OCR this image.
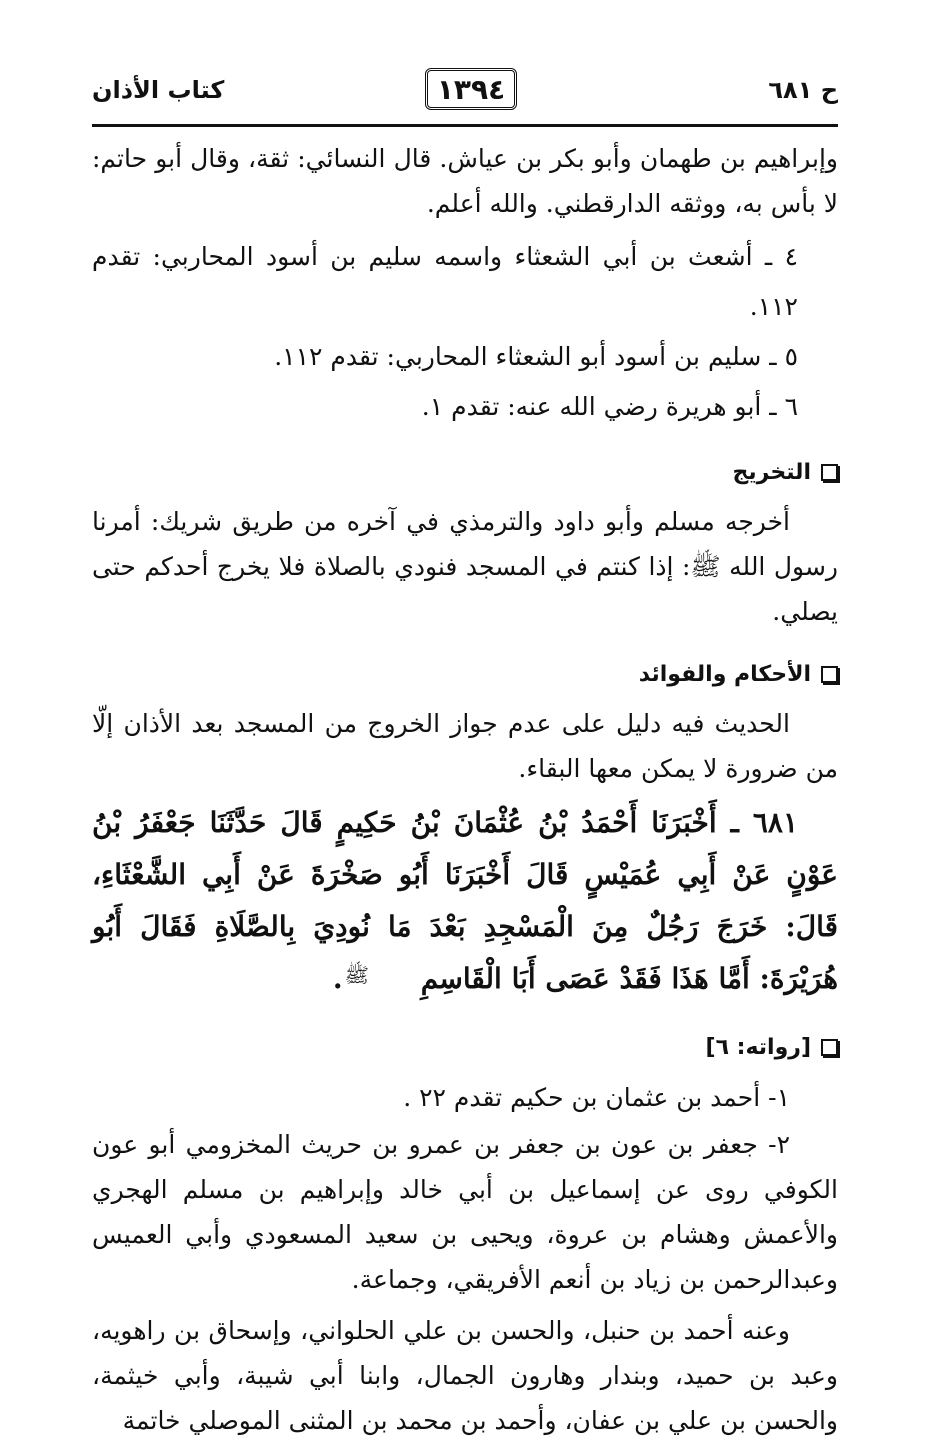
ح ٦٨١
١٣٩٤
كتاب الأذان

وإبراهيم بن طهمان وأبو بكر بن عياش. قال النسائي: ثقة، وقال أبو حاتم: لا بأس به، ووثقه الدارقطني. والله أعلم.

٤ ـ أشعث بن أبي الشعثاء واسمه سليم بن أسود المحاربي: تقدم ١١٢.

٥ ـ سليم بن أسود أبو الشعثاء المحاربي: تقدم ١١٢.

٦ ـ أبو هريرة رضي الله عنه: تقدم ١.

التخريج

أخرجه مسلم وأبو داود والترمذي في آخره من طريق شريك: أمرنا رسول الله ﷺ: إذا كنتم في المسجد فنودي بالصلاة فلا يخرج أحدكم حتى يصلي.

الأحكام والفوائد

الحديث فيه دليل على عدم جواز الخروج من المسجد بعد الأذان إلّا من ضرورة لا يمكن معها البقاء.

٦٨١ ـ أَخْبَرَنَا أَحْمَدُ بْنُ عُثْمَانَ بْنُ حَكِيمٍ قَالَ حَدَّثَنَا جَعْفَرُ بْنُ عَوْنٍ عَنْ أَبِي عُمَيْسٍ قَالَ أَخْبَرَنَا أَبُو صَخْرَةَ عَنْ أَبِي الشَّعْثَاءِ، قَالَ: خَرَجَ رَجُلٌ مِنَ الْمَسْجِدِ بَعْدَ مَا نُودِيَ بِالصَّلَاةِ فَقَالَ أَبُو هُرَيْرَةَ: أَمَّا هَذَا فَقَدْ عَصَى أَبَا الْقَاسِمِ ﷺ.

[رواته: ٦]

١- أحمد بن عثمان بن حكيم تقدم ٢٢ .

٢- جعفر بن عون بن جعفر بن عمرو بن حريث المخزومي أبو عون الكوفي روى عن إسماعيل بن أبي خالد وإبراهيم بن مسلم الهجري والأعمش وهشام بن عروة، ويحيى بن سعيد المسعودي وأبي العميس وعبدالرحمن بن زياد بن أنعم الأفريقي، وجماعة.

وعنه أحمد بن حنبل، والحسن بن علي الحلواني، وإسحاق بن راهويه، وعبد بن حميد، وبندار وهارون الجمال، وابنا أبي شيبة، وأبي خيثمة، والحسن بن علي بن عفان، وأحمد بن محمد بن المثنى الموصلي خاتمة
